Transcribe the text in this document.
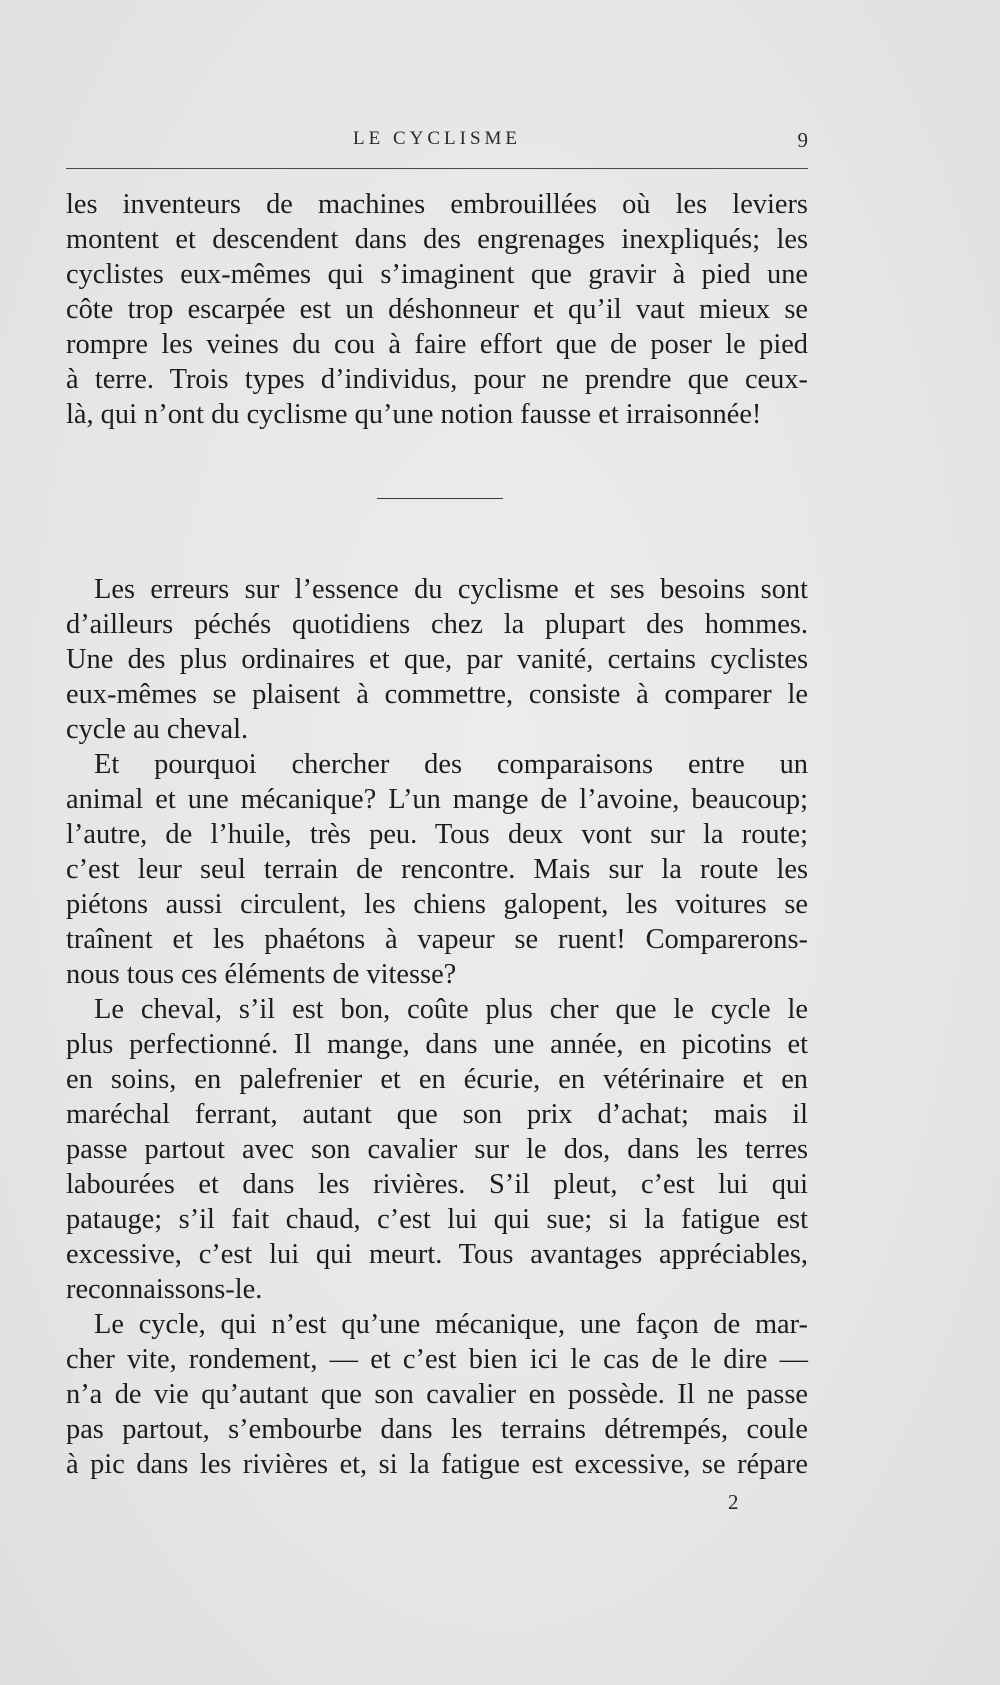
LE CYCLISME	9
les inventeurs de machines embrouillées où les leviers
montent et descendent dans des engrenages inexpliqués; les
cyclistes eux-mêmes qui s’imaginent que gravir à pied une
côte trop escarpée est un déshonneur et qu’il vaut mieux se
rompre les veines du cou à faire effort que de poser le pied
à terre. Trois types d’individus, pour ne prendre que ceux-
là, qui n’ont du cyclisme qu’une notion fausse et irraisonnée!
Les erreurs sur l’essence du cyclisme et ses besoins sont
d’ailleurs péchés quotidiens chez la plupart des hommes.
Une des plus ordinaires et que, par vanité, certains cyclistes
eux-mêmes se plaisent à commettre, consiste à comparer le
cycle au cheval.
Et pourquoi chercher des comparaisons entre un
animal et une mécanique? L’un mange de l’avoine, beaucoup;
l’autre, de l’huile, très peu. Tous deux vont sur la route;
c’est leur seul terrain de rencontre. Mais sur la route les
piétons aussi circulent, les chiens galopent, les voitures se
traînent et les phaétons à vapeur se ruent! Comparerons-
nous tous ces éléments de vitesse?
Le cheval, s’il est bon, coûte plus cher que le cycle le
plus perfectionné. Il mange, dans une année, en picotins et
en soins, en palefrenier et en écurie, en vétérinaire et en
maréchal ferrant, autant que son prix d’achat; mais il
passe partout avec son cavalier sur le dos, dans les terres
labourées et dans les rivières. S’il pleut, c’est lui qui
patauge; s’il fait chaud, c’est lui qui sue; si la fatigue est
excessive, c’est lui qui meurt. Tous avantages appréciables,
reconnaissons-le.
Le cycle, qui n’est qu’une mécanique, une façon de mar-
cher vite, rondement, — et c’est bien ici le cas de le dire —
n’a de vie qu’autant que son cavalier en possède. Il ne passe
pas partout, s’embourbe dans les terrains détrempés, coule
à pic dans les rivières et, si la fatigue est excessive, se répare
2
